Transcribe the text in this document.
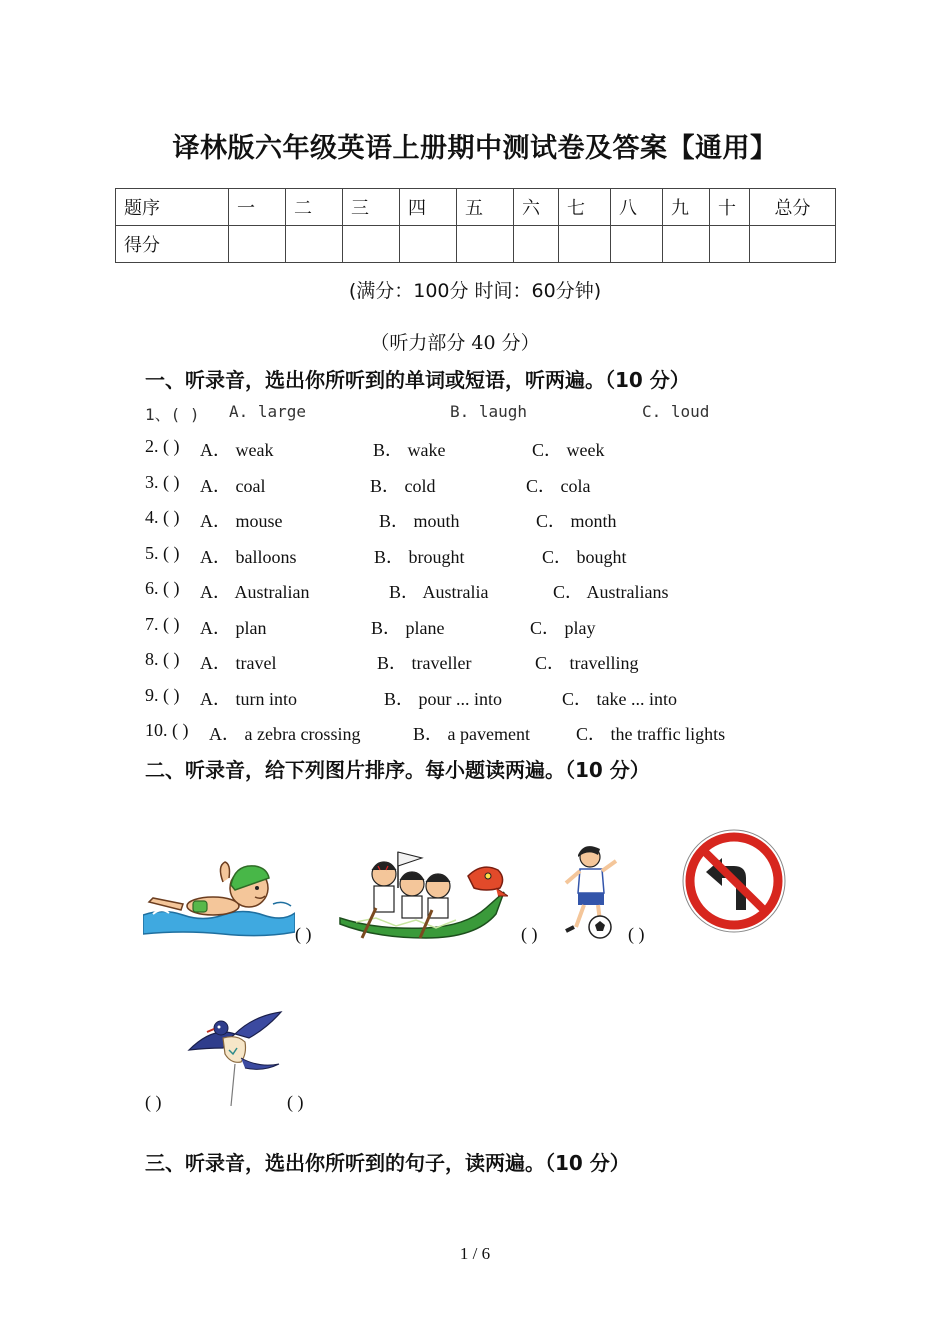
译林版六年级英语上册期中测试卷及答案【通用】
题序	一	二	三	四	五	六	七	八	九	十	总分
得分											
(满分：100分 时间：60分钟)
（听力部分 40 分）
一、听录音，选出你所听到的单词或短语，听两遍。（10 分）
1、( ) A. large	B. laugh	C. loud
2. ( ) A． weak	B． wake	C． week
3. ( ) A． coal	B． cold	C． cola
4. ( ) A． mouse	B． mouth	C． month
5. ( ) A． balloons	B． brought	C． bought
6. ( ) A． Australian	B． Australia	C． Australians
7. ( ) A． plan	B． plane	C． play
8. ( ) A． travel	B． traveller	C． travelling
9. ( ) A． turn into	B． pour ... into	C． take ... into
10. ( ) A． a zebra crossing	B． a pavement	C． the traffic lights
二、听录音，给下列图片排序。每小题读两遍。（10 分）
( )	( )	( )
( )	( )
三、听录音，选出你所听到的句子，读两遍。（10 分）
1 / 6
